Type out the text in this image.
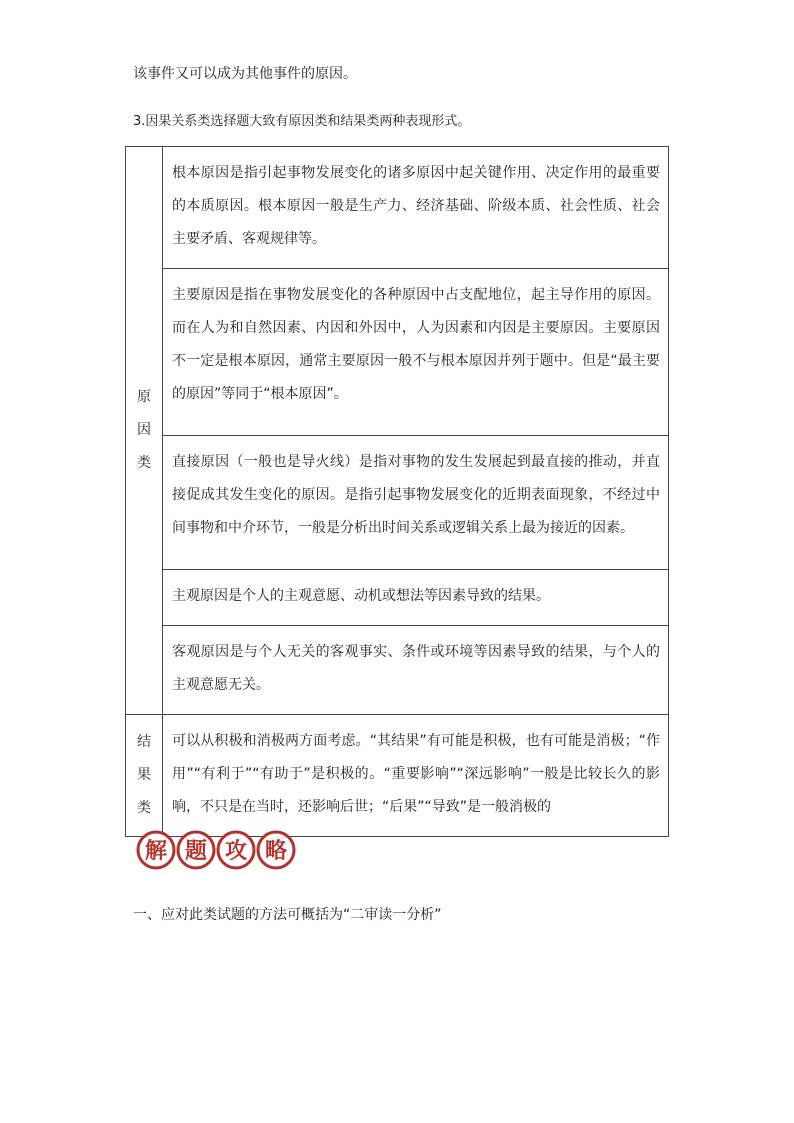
该事件又可以成为其他事件的原因。
3.因果关系类选择题大致有原因类和结果类两种表现形式。
原
因
类	根本原因是指引起事物发展变化的诸多原因中起关键作用、决定作用的最重要的本质原因。根本原因一般是生产力、经济基础、阶级本质、社会性质、社会主要矛盾、客观规律等。
	主要原因是指在事物发展变化的各种原因中占支配地位，起主导作用的原因。而在人为和自然因素、内因和外因中，人为因素和内因是主要原因。主要原因不一定是根本原因，通常主要原因一般不与根本原因并列于题中。但是“最主要的原因”等同于“根本原因”。
	直接原因（一般也是导火线）是指对事物的发生发展起到最直接的推动，并直接促成其发生变化的原因。是指引起事物发展变化的近期表面现象，不经过中间事物和中介环节，一般是分析出时间关系或逻辑关系上最为接近的因素。
	主观原因是个人的主观意愿、动机或想法等因素导致的结果。
	客观原因是与个人无关的客观事实、条件或环境等因素导致的结果，与个人的主观意愿无关。

结
果
类	可以从积极和消极两方面考虑。“其结果”有可能是积极，也有可能是消极；“作用”“有利于”“有助于”是积极的。“重要影响”“深远影响”一般是比较长久的影响，不只是在当时，还影响后世；“后果”“导致”是一般消极的
解 题 攻 略
一、应对此类试题的方法可概括为“二审读一分析”
